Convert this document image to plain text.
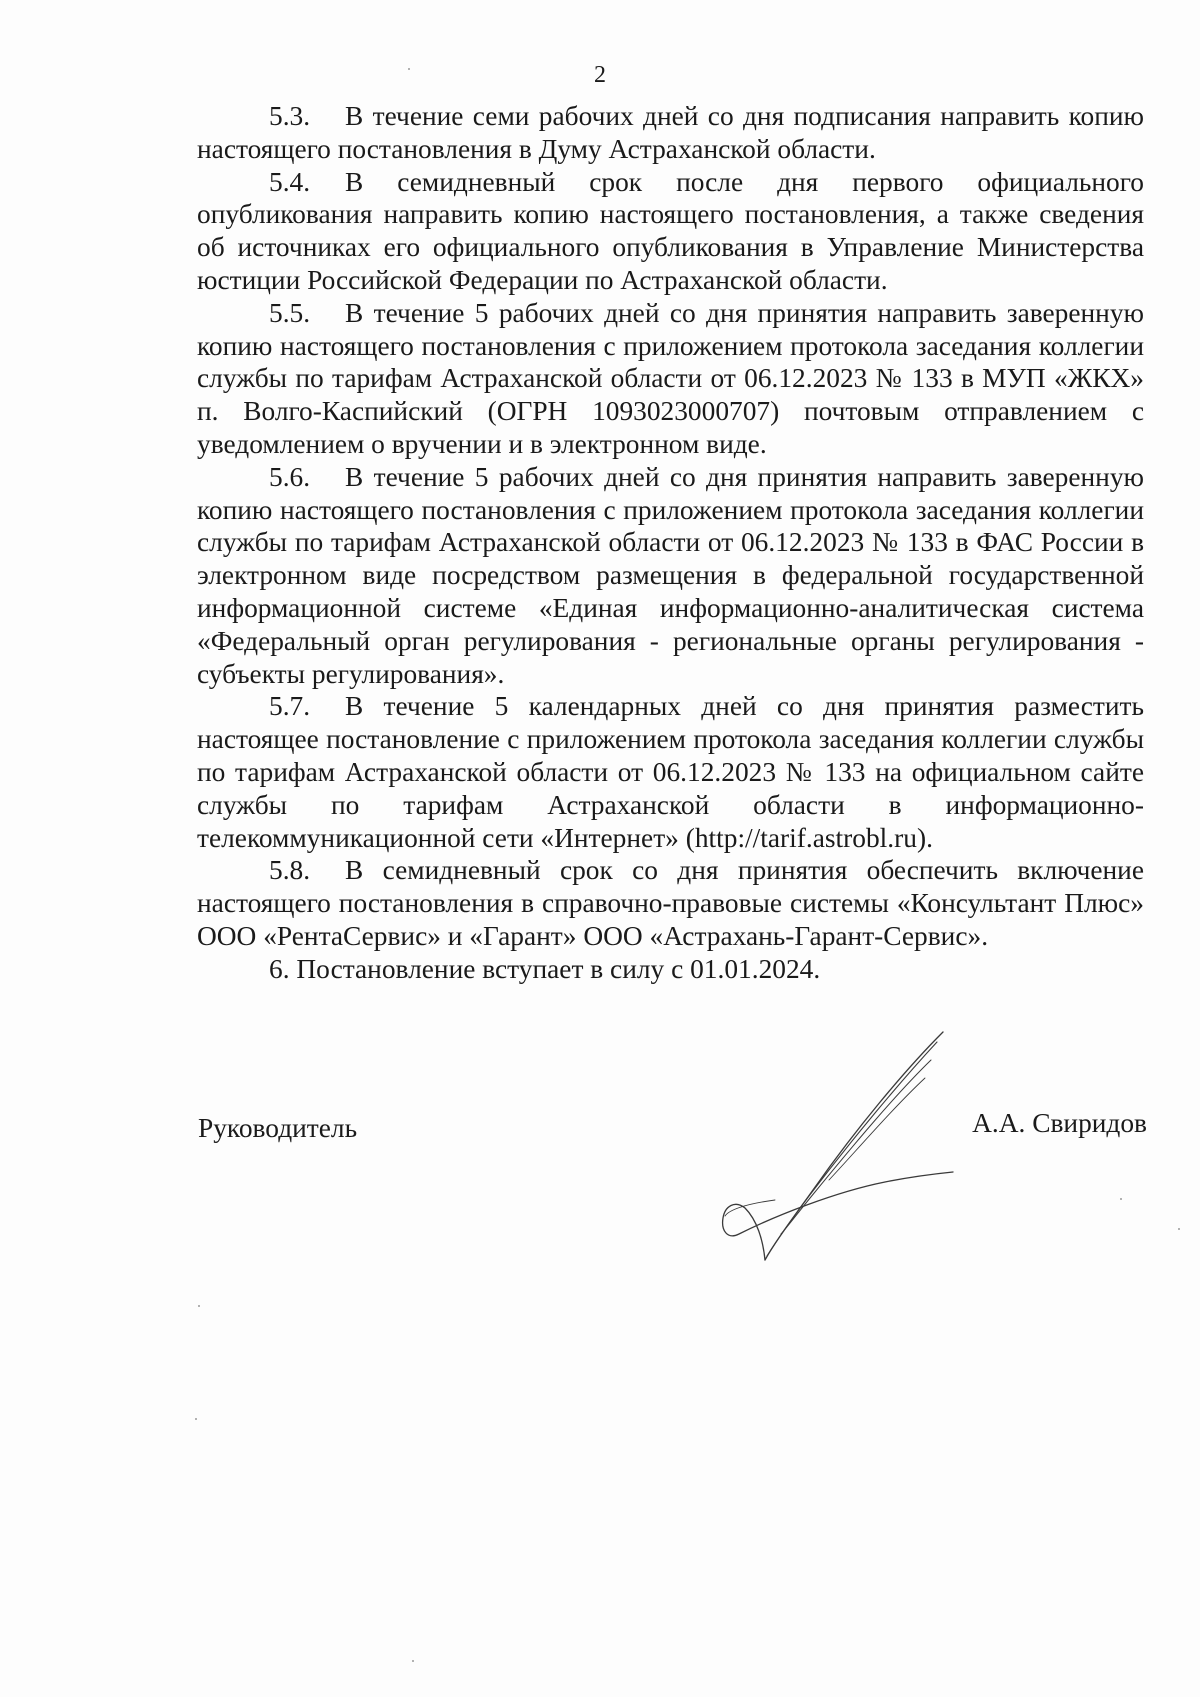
2

5.3. В течение семи рабочих дней со дня подписания направить копию настоящего постановления в Думу Астраханской области.

5.4. В семидневный срок после дня первого официального опубликования направить копию настоящего постановления, а также сведения об источниках его официального опубликования в Управление Министерства юстиции Российской Федерации по Астраханской области.

5.5. В течение 5 рабочих дней со дня принятия направить заверенную копию настоящего постановления с приложением протокола заседания коллегии службы по тарифам Астраханской области от 06.12.2023 № 133 в МУП «ЖКХ» п. Волго-Каспийский (ОГРН 1093023000707) почтовым отправлением с уведомлением о вручении и в электронном виде.

5.6. В течение 5 рабочих дней со дня принятия направить заверенную копию настоящего постановления с приложением протокола заседания коллегии службы по тарифам Астраханской области от 06.12.2023 № 133 в ФАС России в электронном виде посредством размещения в федеральной государственной информационной системе «Единая информационно-аналитическая система «Федеральный орган регулирования - региональные органы регулирования - субъекты регулирования».

5.7. В течение 5 календарных дней со дня принятия разместить настоящее постановление с приложением протокола заседания коллегии службы по тарифам Астраханской области от 06.12.2023 № 133 на официальном сайте службы по тарифам Астраханской области в информационно-телекоммуникационной сети «Интернет» (http://tarif.astrobl.ru).

5.8. В семидневный срок со дня принятия обеспечить включение настоящего постановления в справочно-правовые системы «Консультант Плюс» ООО «РентаСервис» и «Гарант» ООО «Астрахань-Гарант-Сервис».

6. Постановление вступает в силу с 01.01.2024.

Руководитель	А.А. Свиридов
